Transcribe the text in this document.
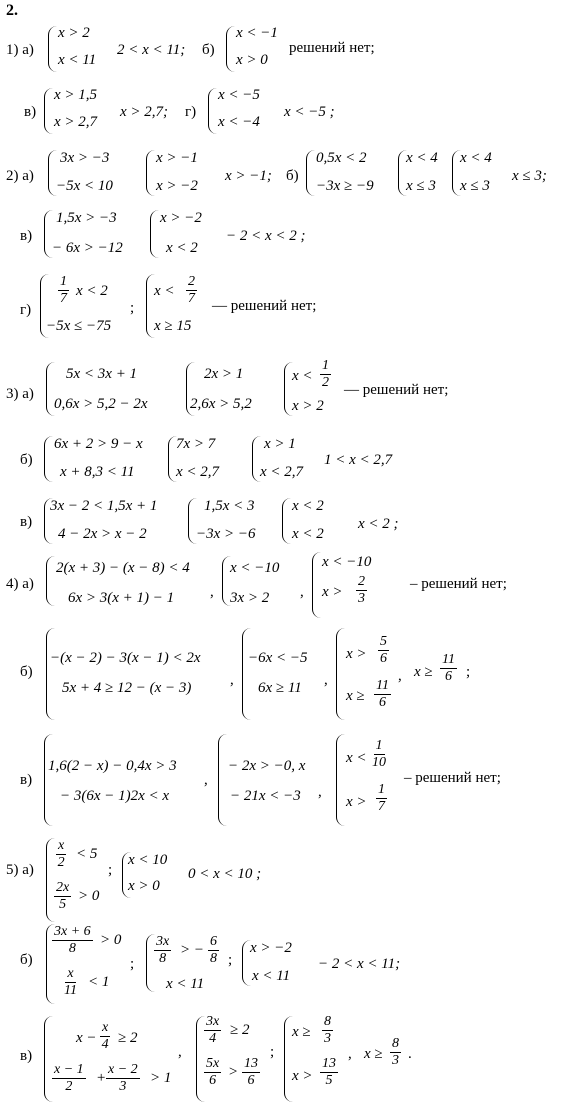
2.
1) а)
x > 2
x < 11
2 < x < 11; б)
x < −1
x > 0
решений нет;
в)
x > 1,5
x > 2,7
x > 2,7; г)
x < −5
x < −4
x < −5 ;
2) а)
3x > −3
−5x < 10
x > −1
x > −2
x > −1; б)
0,5x < 2
−3x ≥ −9
x < 4
x ≤ 3
x < 4
x ≤ 3
x ≤ 3;
в)
1,5x > −3
− 6x > −12
x > −2
x < 2
− 2 < x < 2 ;
г)
$\frac{1}{7}$ x < 2
−5x ≤ −75
;
$x < \frac{2}{7}$
x ≥ 15
— решений нет;
3) а)
5x < 3x + 1
0,6x > 5,2 − 2x
2x > 1
2,6x > 5,2
$x < \frac{1}{2}$
x > 2
— решений нет;
б)
6x + 2 > 9 − x
x + 8,3 < 11
7x > 7
x < 2,7
x > 1
x < 2,7
1 < x < 2,7
в)
3x − 2 < 1,5x + 1
4 − 2x > x − 2
1,5x < 3
−3x > −6
x < 2
x < 2
x < 2 ;
4) а)
2(x + 3) − (x − 8) < 4
6x > 3(x + 1) − 1 ,
x < −10
3x > 2 ,
x < −10
$x > \frac{2}{3}$	– решений нет;
б)
−(x − 2) − 3(x − 1) < 2x
5x + 4 ≥ 12 − (x − 3)	,
−6x < −5
6x ≥ 11 ,
$x > \frac{5}{6}$
$x \ge \frac{11}{6}$
, $x \ge \frac{11}{6}$ ;
в)
1,6(2 − x) − 0,4x > 3
− 3(6x − 1)2x < x
,
− 2x > −0, x
− 21x < −3 ,
$x < \frac{1}{10}$
$x > \frac{1}{7}$
– решений нет;
5) $а) \frac{x}{2} < 5$
$\frac{2x}{5} > 0$
;
x < 10
x > 0
0 < x < 10 ;
б)
$\frac{3x + 6}{8} > 0$
$\frac{x}{11} < 1$
; $\frac{3x}{8}$ > − $\frac{6}{8}$
x < 11
;
x > −2
x < 11
− 2 < x < 11;
в)
$x - \frac{x}{4} \ge 2$
$\frac{x - 1}{2} + \frac{x - 2}{3} > 1$
,
$\frac{3x}{4} \ge 2$
$\frac{5x}{6} > \frac{13}{6}$
;
$x \ge \frac{8}{3}$
$x > \frac{13}{5}$
, $x \ge \frac{8}{3}$ .
